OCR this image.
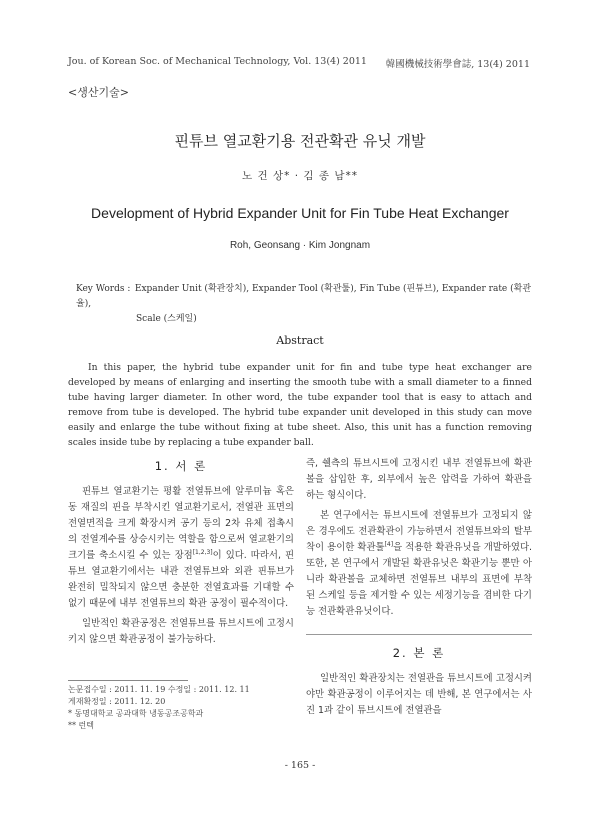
Jou. of Korean Soc. of Mechanical Technology, Vol. 13(4) 2011 韓國機械技術學會誌, 13(4) 2011
<생산기술>
핀튜브 열교환기용 전관확관 유닛 개발
노 건 상* · 김 종 남**
Development of Hybrid Expander Unit for Fin Tube Heat Exchanger
Roh, Geonsang · Kim Jongnam
Key Words : Expander Unit (확관장치), Expander Tool (확관툴), Fin Tube (핀튜브), Expander rate (확관율),
Scale (스케일)
Abstract
In this paper, the hybrid tube expander unit for fin and tube type heat exchanger are developed by means of enlarging and inserting the smooth tube with a small diameter to a finned tube having larger diameter. In other word, the tube expander tool that is easy to attach and remove from tube is developed. The hybrid tube expander unit developed in this study can move easily and enlarge the tube without fixing at tube sheet. Also, this unit has a function removing scales inside tube by replacing a tube expander ball.
1. 서 론

핀튜브 열교환기는 평활 전열튜브에 알루미늄 혹은 동 재질의 핀을 부착시킨 열교환기로서, 전열관 표면의 전열면적을 크게 확장시켜 공기 등의 2차 유체 접촉시의 전열계수를 상승시키는 역할을 함으로써 열교환기의 크기를 축소시킬 수 있는 장점[1,2,3]이 있다. 따라서, 핀튜브 열교환기에서는 내관 전열튜브와 외관 핀튜브가 완전히 밀착되지 않으면 충분한 전열효과를 기대할 수 없기 때문에 내부 전열튜브의 확관 공정이 필수적이다.

일반적인 확관공정은 전열튜브를 튜브시트에 고정시키지 않으면 확관공정이 불가능하다.

논문접수일 : 2011. 11. 19 수정일 : 2011. 12. 11
게재확정일 : 2011. 12. 20
* 동명대학교 공과대학 냉동공조공학과
** 런텍

즉, 쉘측의 튜브시트에 고정시킨 내부 전열튜브에 확관볼을 삽입한 후, 외부에서 높은 압력을 가하여 확관을 하는 형식이다.

본 연구에서는 튜브시트에 전열튜브가 고정되지 않은 경우에도 전관확관이 가능하면서 전열튜브와의 탈부착이 용이한 확관툴[4]을 적용한 확관유닛을 개발하였다. 또한, 본 연구에서 개발된 확관유닛은 확관기능 뿐만 아니라 확관볼을 교체하면 전열튜브 내부의 표면에 부착된 스케일 등을 제거할 수 있는 세정기능을 겸비한 다기능 전관확관유닛이다.

2. 본 론

일반적인 확관장치는 전열관을 튜브시트에 고정시켜야만 확관공정이 이루어지는 데 반해, 본 연구에서는 사진 1과 같이 튜브시트에 전열관을

- 165 -
